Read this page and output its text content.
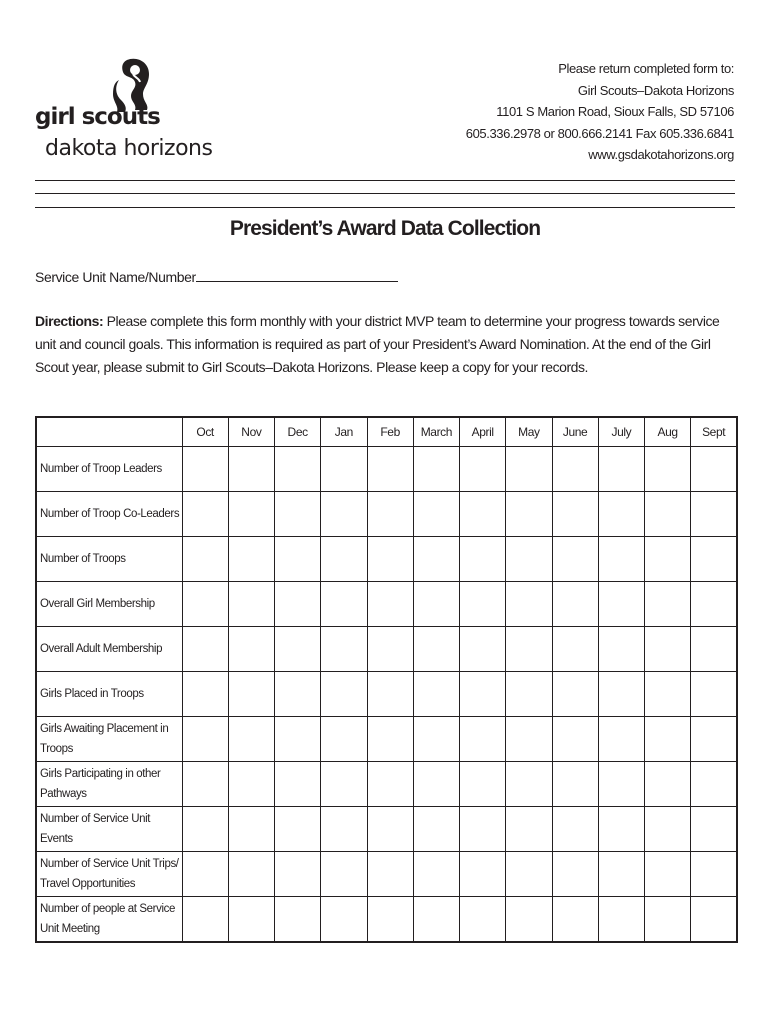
girl scouts
dakota horizons
Please return completed form to:
Girl Scouts–Dakota Horizons
1101 S Marion Road, Sioux Falls, SD 57106
605.336.2978 or 800.666.2141 Fax 605.336.6841
www.gsdakotahorizons.org
President’s Award Data Collection
Service Unit Name/Number
Directions: Please complete this form monthly with your district MVP team to determine your progress towards service unit and council goals. This information is required as part of your President’s Award Nomination. At the end of the Girl Scout year, please submit to Girl Scouts–Dakota Horizons. Please keep a copy for your records.
	Oct	Nov	Dec	Jan	Feb	March	April	May	June	July	Aug	Sept
Number of Troop Leaders												
Number of Troop Co-Leaders												
Number of Troops												
Overall Girl Membership												
Overall Adult Membership												
Girls Placed in Troops												
Girls Awaiting Placement in Troops												
Girls Participating in other Pathways												
Number of Service Unit Events												
Number of Service Unit Trips/ Travel Opportunities												
Number of people at Service Unit Meeting												
